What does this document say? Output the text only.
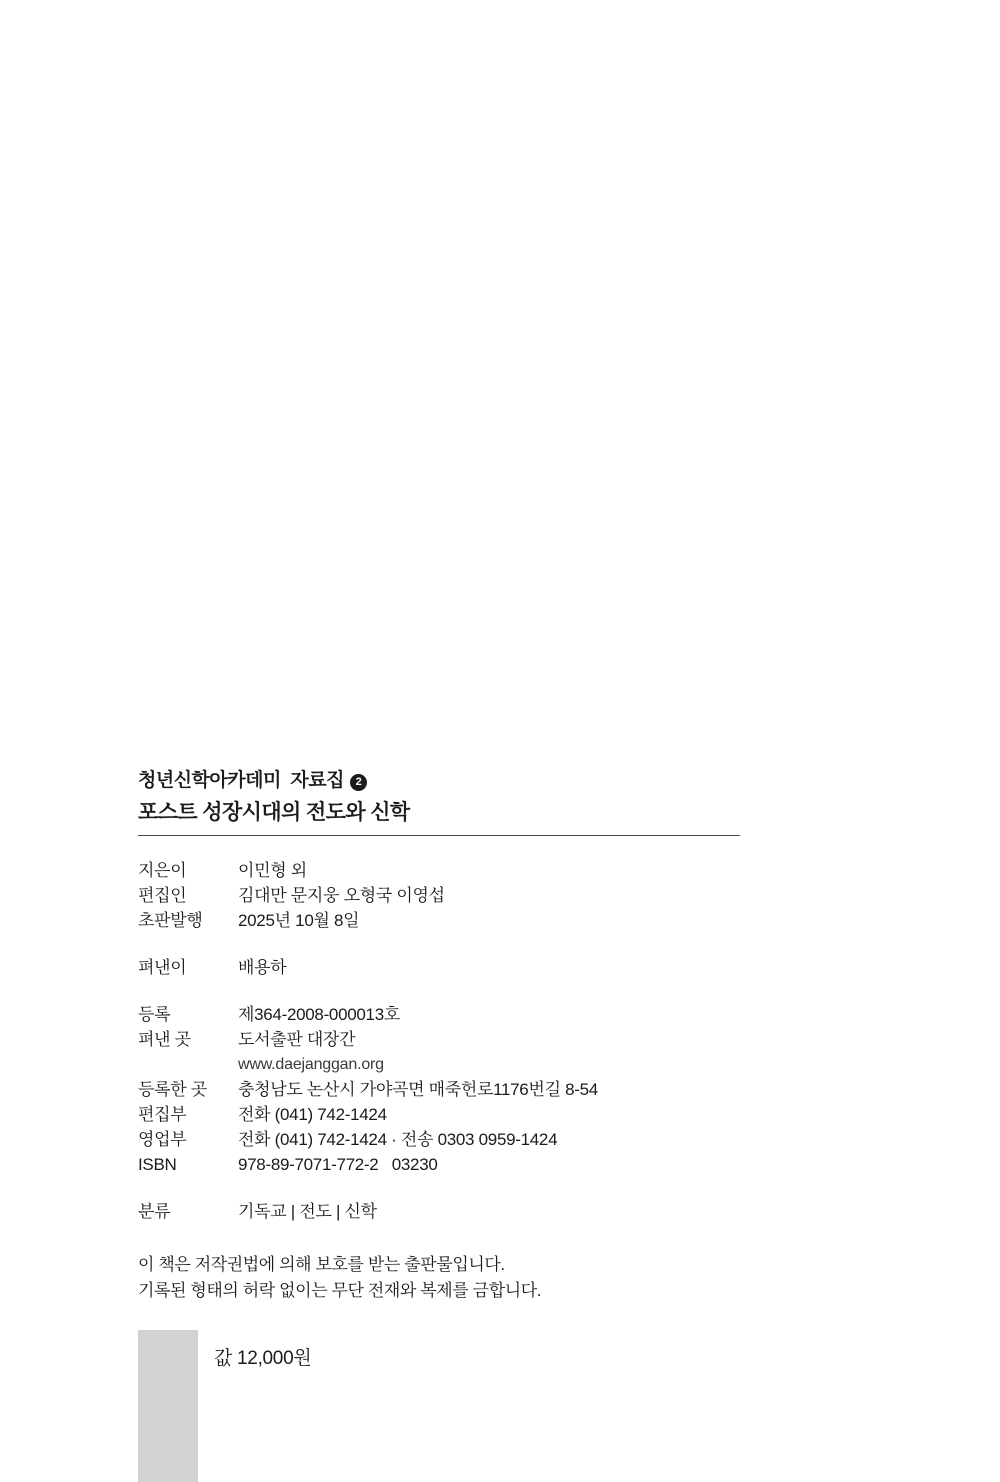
청년신학아카데미  자료집	2
포스트 성장시대의 전도와 신학
지은이	이민형 외
편집인	김대만 문지웅 오형국 이영섭
초판발행	2025년 10월 8일
펴낸이	배용하
등록	제364-2008-000013호
펴낸 곳	도서출판 대장간
www.daejanggan.org
등록한 곳	충청남도 논산시 가야곡면 매죽헌로1176번길 8-54
편집부	전화 (041) 742-1424
영업부	전화 (041) 742-1424 · 전송 0303 0959-1424
ISBN	978-89-7071-772-2   03230
분류	기독교 | 전도 | 신학
이 책은 저작권법에 의해 보호를 받는 출판물입니다.
기록된 형태의 허락 없이는 무단 전재와 복제를 금합니다.
값 12,000원
